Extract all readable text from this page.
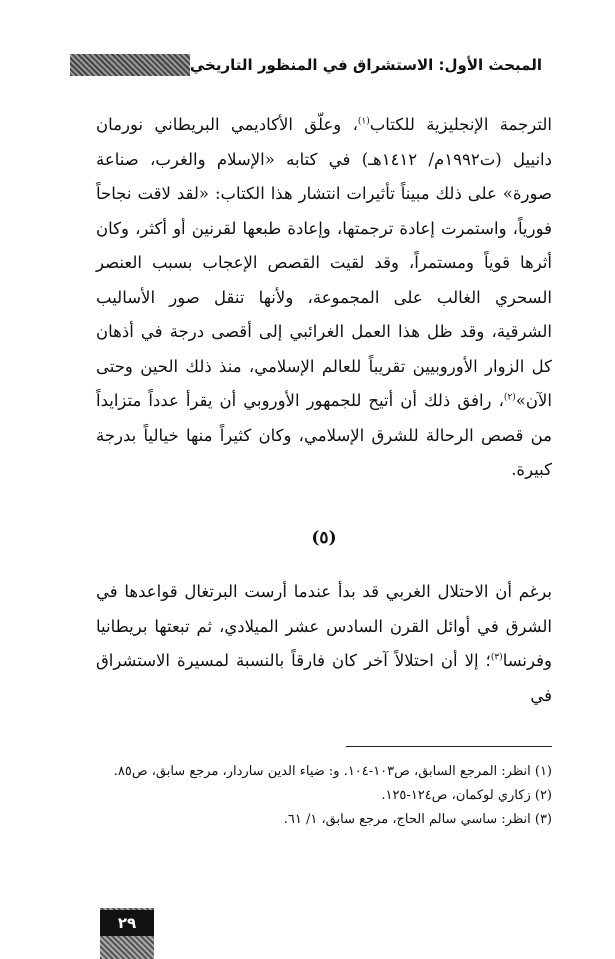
المبحث الأول: الاستشراق في المنظور التاريخي

الترجمة الإنجليزية للكتاب$^{(١)}$، وعلّق الأكاديمي البريطاني نورمان دانييل (ت١٩٩٢م/ ١٤١٢هـ) في كتابه «الإسلام والغرب، صناعة صورة» على ذلك مبيناً تأثيرات انتشار هذا الكتاب: «لقد لاقت نجاحاً فورياً، واستمرت إعادة ترجمتها، وإعادة طبعها لقرنين أو أكثر، وكان أثرها قوياً ومستمراً، وقد لقيت القصص الإعجاب بسبب العنصر السحري الغالب على المجموعة، ولأنها تنقل صور الأساليب الشرقية، وقد ظل هذا العمل الغرائبي إلى أقصى درجة في أذهان كل الزوار الأوروبيين تقريباً للعالم الإسلامي، منذ ذلك الحين وحتى الآن»$^{(٢)}$، رافق ذلك أن أتيح للجمهور الأوروبي أن يقرأ عدداً متزايداً من قصص الرحالة للشرق الإسلامي، وكان كثيراً منها خيالياً بدرجة كبيرة.

(٥)

برغم أن الاحتلال الغربي قد بدأ عندما أرست البرتغال قواعدها في الشرق في أوائل القرن السادس عشر الميلادي، ثم تبعتها بريطانيا وفرنسا$^{(٣)}$؛ إلا أن احتلالاً آخر كان فارقاً بالنسبة لمسيرة الاستشراق في

(١) انظر: المرجع السابق، ص١٠٣-١٠٤. و: ضياء الدين ساردار، مرجع سابق، ص٨٥.

(٢) زكاري لوكمان، ص١٢٤-١٢٥.

(٣) انظر: ساسي سالم الحاج، مرجع سابق، ١/ ٦١.

٢٩
